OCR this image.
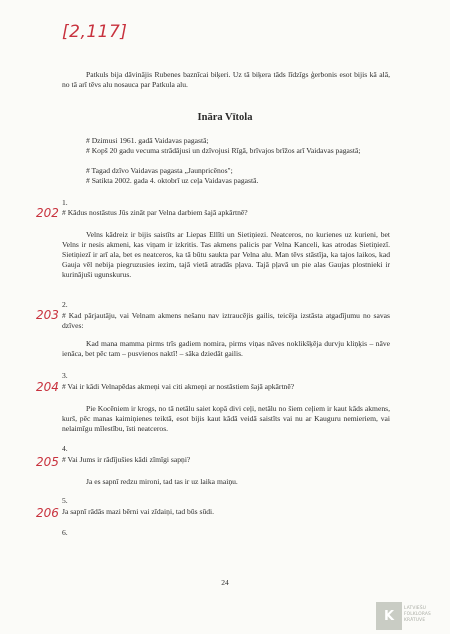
[2,117]

Patkuls bija dāvinājis Rubenes baznīcai biķeri. Uz tā biķera tāds līdzīgs ģerbonis esot bijis kā alā, no tā arī tēvs alu nosauca par Patkula alu.

Ināra Vītola

# Dzimusi 1961. gadā Vaidavas pagastā;

# Kopš 20 gadu vecuma strādājusi un dzīvojusi Rīgā, brīvajos brīžos arī Vaidavas pagastā;

# Tagad dzīvo Vaidavas pagasta „Jaunpricēnos";

# Satikta 2002. gada 4. oktobrī uz ceļa Vaidavas pagastā.

1.
202 # Kādus nostāstus Jūs zināt par Velna darbiem šajā apkārtnē?

Velns kādreiz ir bijis saistīts ar Liepas Ellīti un Sietiņiezi. Neatceros, no kurienes uz kurieni, bet Velns ir nesis akmeni, kas viņam ir izkritis. Tas akmens palicis par Velna Kanceli, kas atrodas Sietiņiezī. Sietiņiezī ir arī ala, bet es neatceros, ka tā būtu saukta par Velna alu. Man tēvs stāstīja, ka tajos laikos, kad Gauja vēl nebija piegruzusies iezim, tajā vietā atradās pļava. Tajā pļavā un pie alas Gaujas plostnieki ir kurinājuši ugunskurus.

2.
203 # Kad pārjautāju, vai Velnam akmens nešanu nav iztraucējis gailis, teicēja izstāsta atgadījumu no savas dzīves:

Kad mana mamma pirms trīs gadiem nomira, pirms viņas nāves noklikšķēja durvju kliņķis – nāve ienāca, bet pēc tam – pusvienos naktī! – sāka dziedāt gailis.

3.
204 # Vai ir kādi Velnapēdas akmeņi vai citi akmeņi ar nostāstiem šajā apkārtnē?

Pie Kocēniem ir krogs, no tā netālu saiet kopā divi ceļi, netālu no šiem ceļiem ir kaut kāds akmens, kurš, pēc manas kaimiņienes teiktā, esot bijis kaut kādā veidā saistīts vai nu ar Kauguru nemieriem, vai nelaimīgu mīlestību, īsti neatceros.

4.
205 # Vai Jums ir rādījušies kādi zīmīgi sapņi?

Ja es sapnī redzu mironi, tad tas ir uz laika maiņu.

5.
206 Ja sapnī rādās mazi bērni vai zīdaiņi, tad būs sūdi.

6.
24
K	LATVIEŠU
FOLKLORAS
KRĀTUVE
